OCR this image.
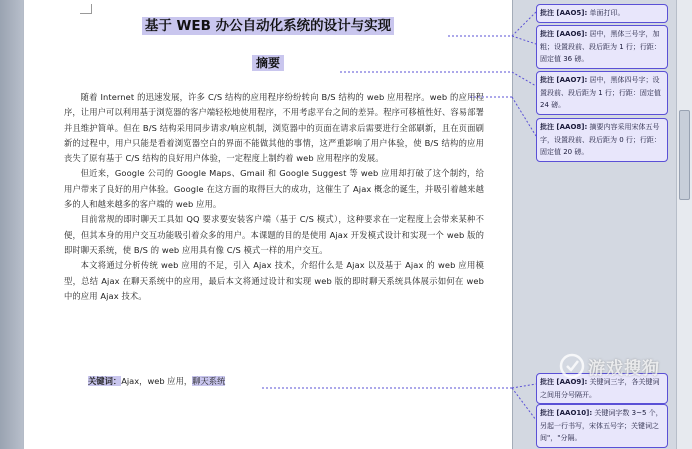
基于 WEB 办公自动化系统的设计与实现
摘要

随着 Internet 的迅速发展，许多 C/S 结构的应用程序纷纷转向 B/S 结构的 web 应用程序。web 的应用程序，让用户可以利用基于浏览器的客户端轻松地使用程序，不用考虑平台之间的差异。程序可移植性好、容易部署并且维护简单。但在 B/S 结构采用同步请求/响应机制，浏览器中的页面在请求后需要进行全部刷新，且在页面刷新的过程中，用户只能是看着浏览器空白的界面不能做其他的事情，这严重影响了用户体验，使 B/S 结构的应用丧失了原有基于 C/S 结构的良好用户体验，一定程度上制约着 web 应用程序的发展。

但近来，Google 公司的 Google Maps、Gmail 和 Google Suggest 等 web 应用却打破了这个制约，给用户带来了良好的用户体验。Google 在这方面的取得巨大的成功，这催生了 Ajax 概念的诞生，并吸引着越来越多的人和越来越多的客户端的 web 应用。

目前常规的即时聊天工具如 QQ 要求要安装客户端（基于 C/S 模式），这种要求在一定程度上会带来某种不便，但其本身的用户交互功能吸引着众多的用户。本课题的目的是使用 Ajax 开发模式设计和实现一个 web 版的即时聊天系统，使 B/S 的 web 应用具有像 C/S 模式一样的用户交互。

本文将通过分析传统 web 应用的不足，引入 Ajax 技术，介绍什么是 Ajax 以及基于 Ajax 的 web 应用模型，总结 Ajax 在聊天系统中的应用，最后本文将通过设计和实现 web 版的即时聊天系统具体展示如何在 web 中的应用 Ajax 技术。

关键词：Ajax，web 应用，聊天系统
批注 [AAO5]: 单面打印。
批注 [AAO6]: 居中，黑体三号字，加粗；设置段前、段后距为 1 行；行距：固定值 36 磅。
批注 [AAO7]: 居中，黑体四号字；设置段前、段后距为 1 行；行距：固定值 24 磅。
批注 [AAO8]: 摘要内容采用宋体五号字，设置段前、段后距为 0 行；行距：固定值 20 磅。
批注 [AAO9]: 关键词三字，各关键词之间用分号隔开。
批注 [AAO10]: 关键词字数 3~5 个，另起一行书写，宋体五号字；关键词之间"，"分隔。
游戏搜狗
